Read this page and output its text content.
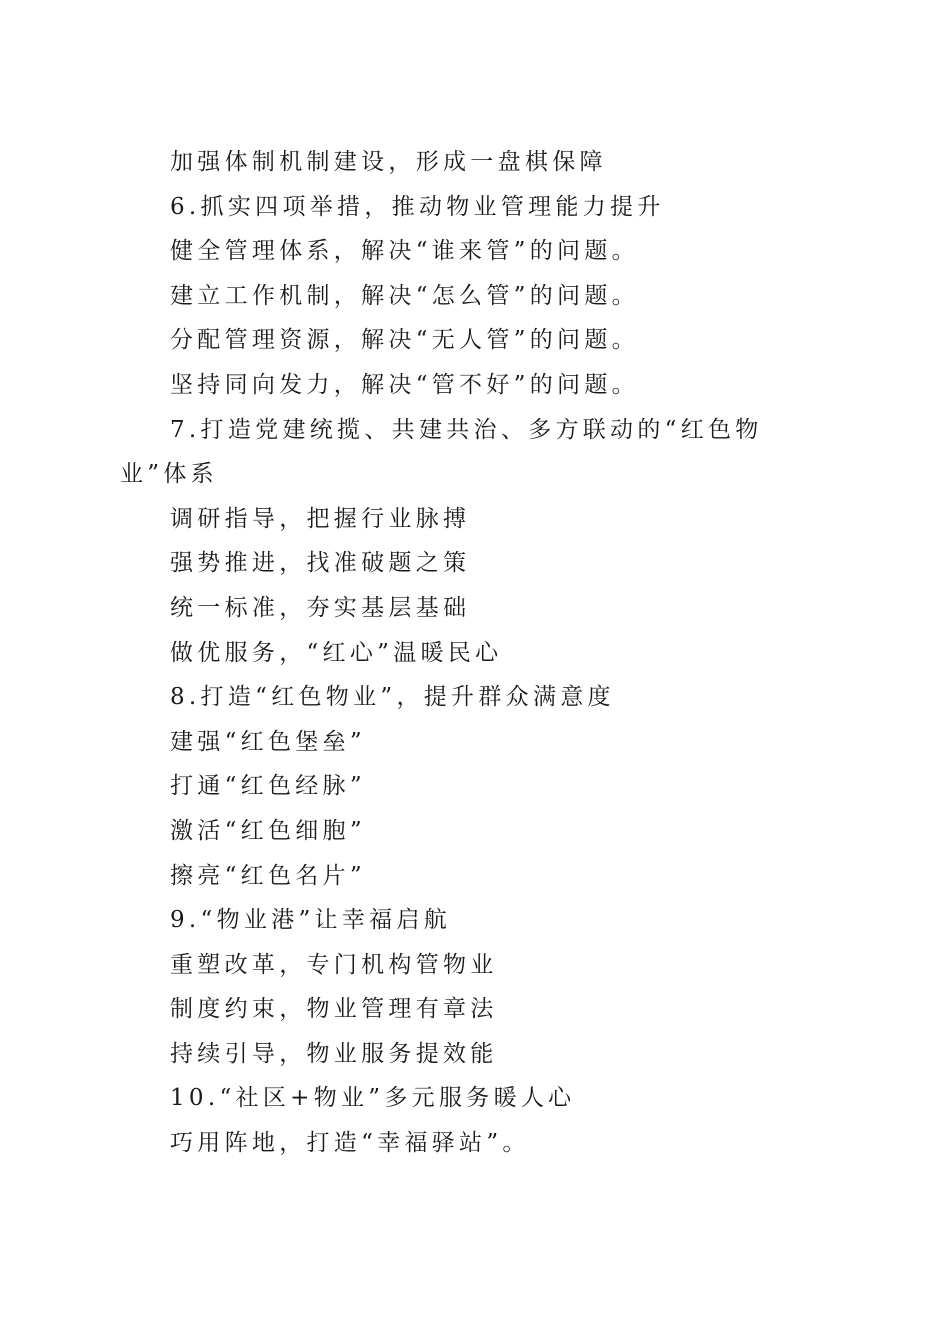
加强体制机制建设，形成一盘棋保障
6.抓实四项举措，推动物业管理能力提升
健全管理体系，解决“谁来管”的问题。
建立工作机制，解决“怎么管”的问题。
分配管理资源，解决“无人管”的问题。
坚持同向发力，解决“管不好”的问题。
7.打造党建统揽、共建共治、多方联动的“红色物业”体系
调研指导，把握行业脉搏
强势推进，找准破题之策
统一标准，夯实基层基础
做优服务，“红心”温暖民心
8.打造“红色物业”，提升群众满意度
建强“红色堡垒”
打通“红色经脉”
激活“红色细胞”
擦亮“红色名片”
9.“物业港”让幸福启航
重塑改革，专门机构管物业
制度约束，物业管理有章法
持续引导，物业服务提效能
10.“社区+物业”多元服务暖人心
巧用阵地，打造“幸福驿站”。
